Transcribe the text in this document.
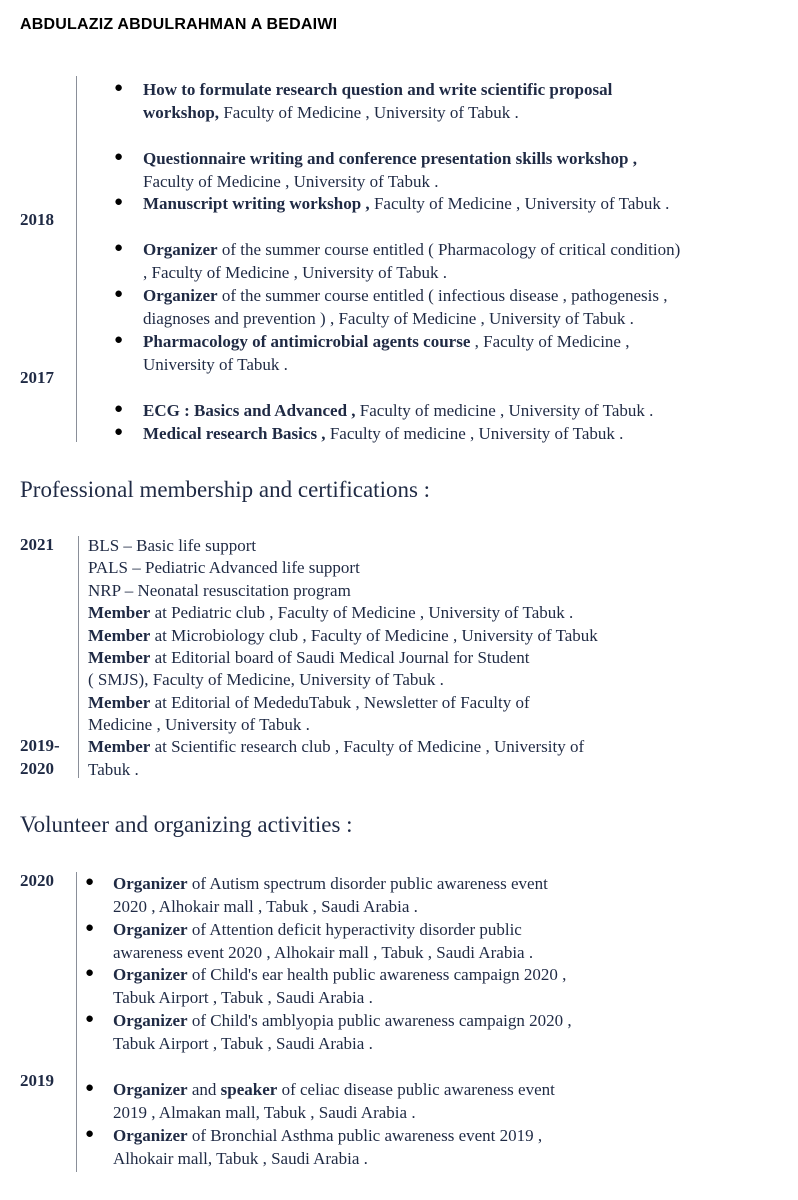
ABDULAZIZ ABDULRAHMAN A BEDAIWI
2018
2017
● How to formulate research question and write scientific proposal
workshop, Faculty of Medicine , University of Tabuk .
● Questionnaire writing and conference presentation skills workshop ,
Faculty of Medicine , University of Tabuk .
● Manuscript writing workshop , Faculty of Medicine , University of Tabuk .
● Organizer of the summer course entitled ( Pharmacology of critical condition)
, Faculty of Medicine , University of Tabuk .
● Organizer of the summer course entitled ( infectious disease , pathogenesis ,
diagnoses and prevention ) , Faculty of Medicine , University of Tabuk .
● Pharmacology of antimicrobial agents course , Faculty of Medicine ,
University of Tabuk .
● ECG : Basics and Advanced , Faculty of medicine , University of Tabuk .
● Medical research Basics , Faculty of medicine , University of Tabuk .
Professional membership and certifications :
2021
2019-
2020
BLS – Basic life support
PALS – Pediatric Advanced life support
NRP – Neonatal resuscitation program
Member at Pediatric club , Faculty of Medicine , University of Tabuk .
Member at Microbiology club , Faculty of Medicine , University of Tabuk
Member at Editorial board of Saudi Medical Journal for Student
( SMJS), Faculty of Medicine, University of Tabuk .
Member at Editorial of MededuTabuk , Newsletter of Faculty of
Medicine , University of Tabuk .
Member at Scientific research club , Faculty of Medicine , University of
Tabuk .
Volunteer and organizing activities :
2020
2019
● Organizer of Autism spectrum disorder public awareness event
2020 , Alhokair mall , Tabuk , Saudi Arabia .
● Organizer of Attention deficit hyperactivity disorder public
awareness event 2020 , Alhokair mall , Tabuk , Saudi Arabia .
● Organizer of Child's ear health public awareness campaign 2020 ,
Tabuk Airport , Tabuk , Saudi Arabia .
● Organizer of Child's amblyopia public awareness campaign 2020 ,
Tabuk Airport , Tabuk , Saudi Arabia .
● Organizer and speaker of celiac disease public awareness event
2019 , Almakan mall, Tabuk , Saudi Arabia .
● Organizer of Bronchial Asthma public awareness event 2019 ,
Alhokair mall, Tabuk , Saudi Arabia .
